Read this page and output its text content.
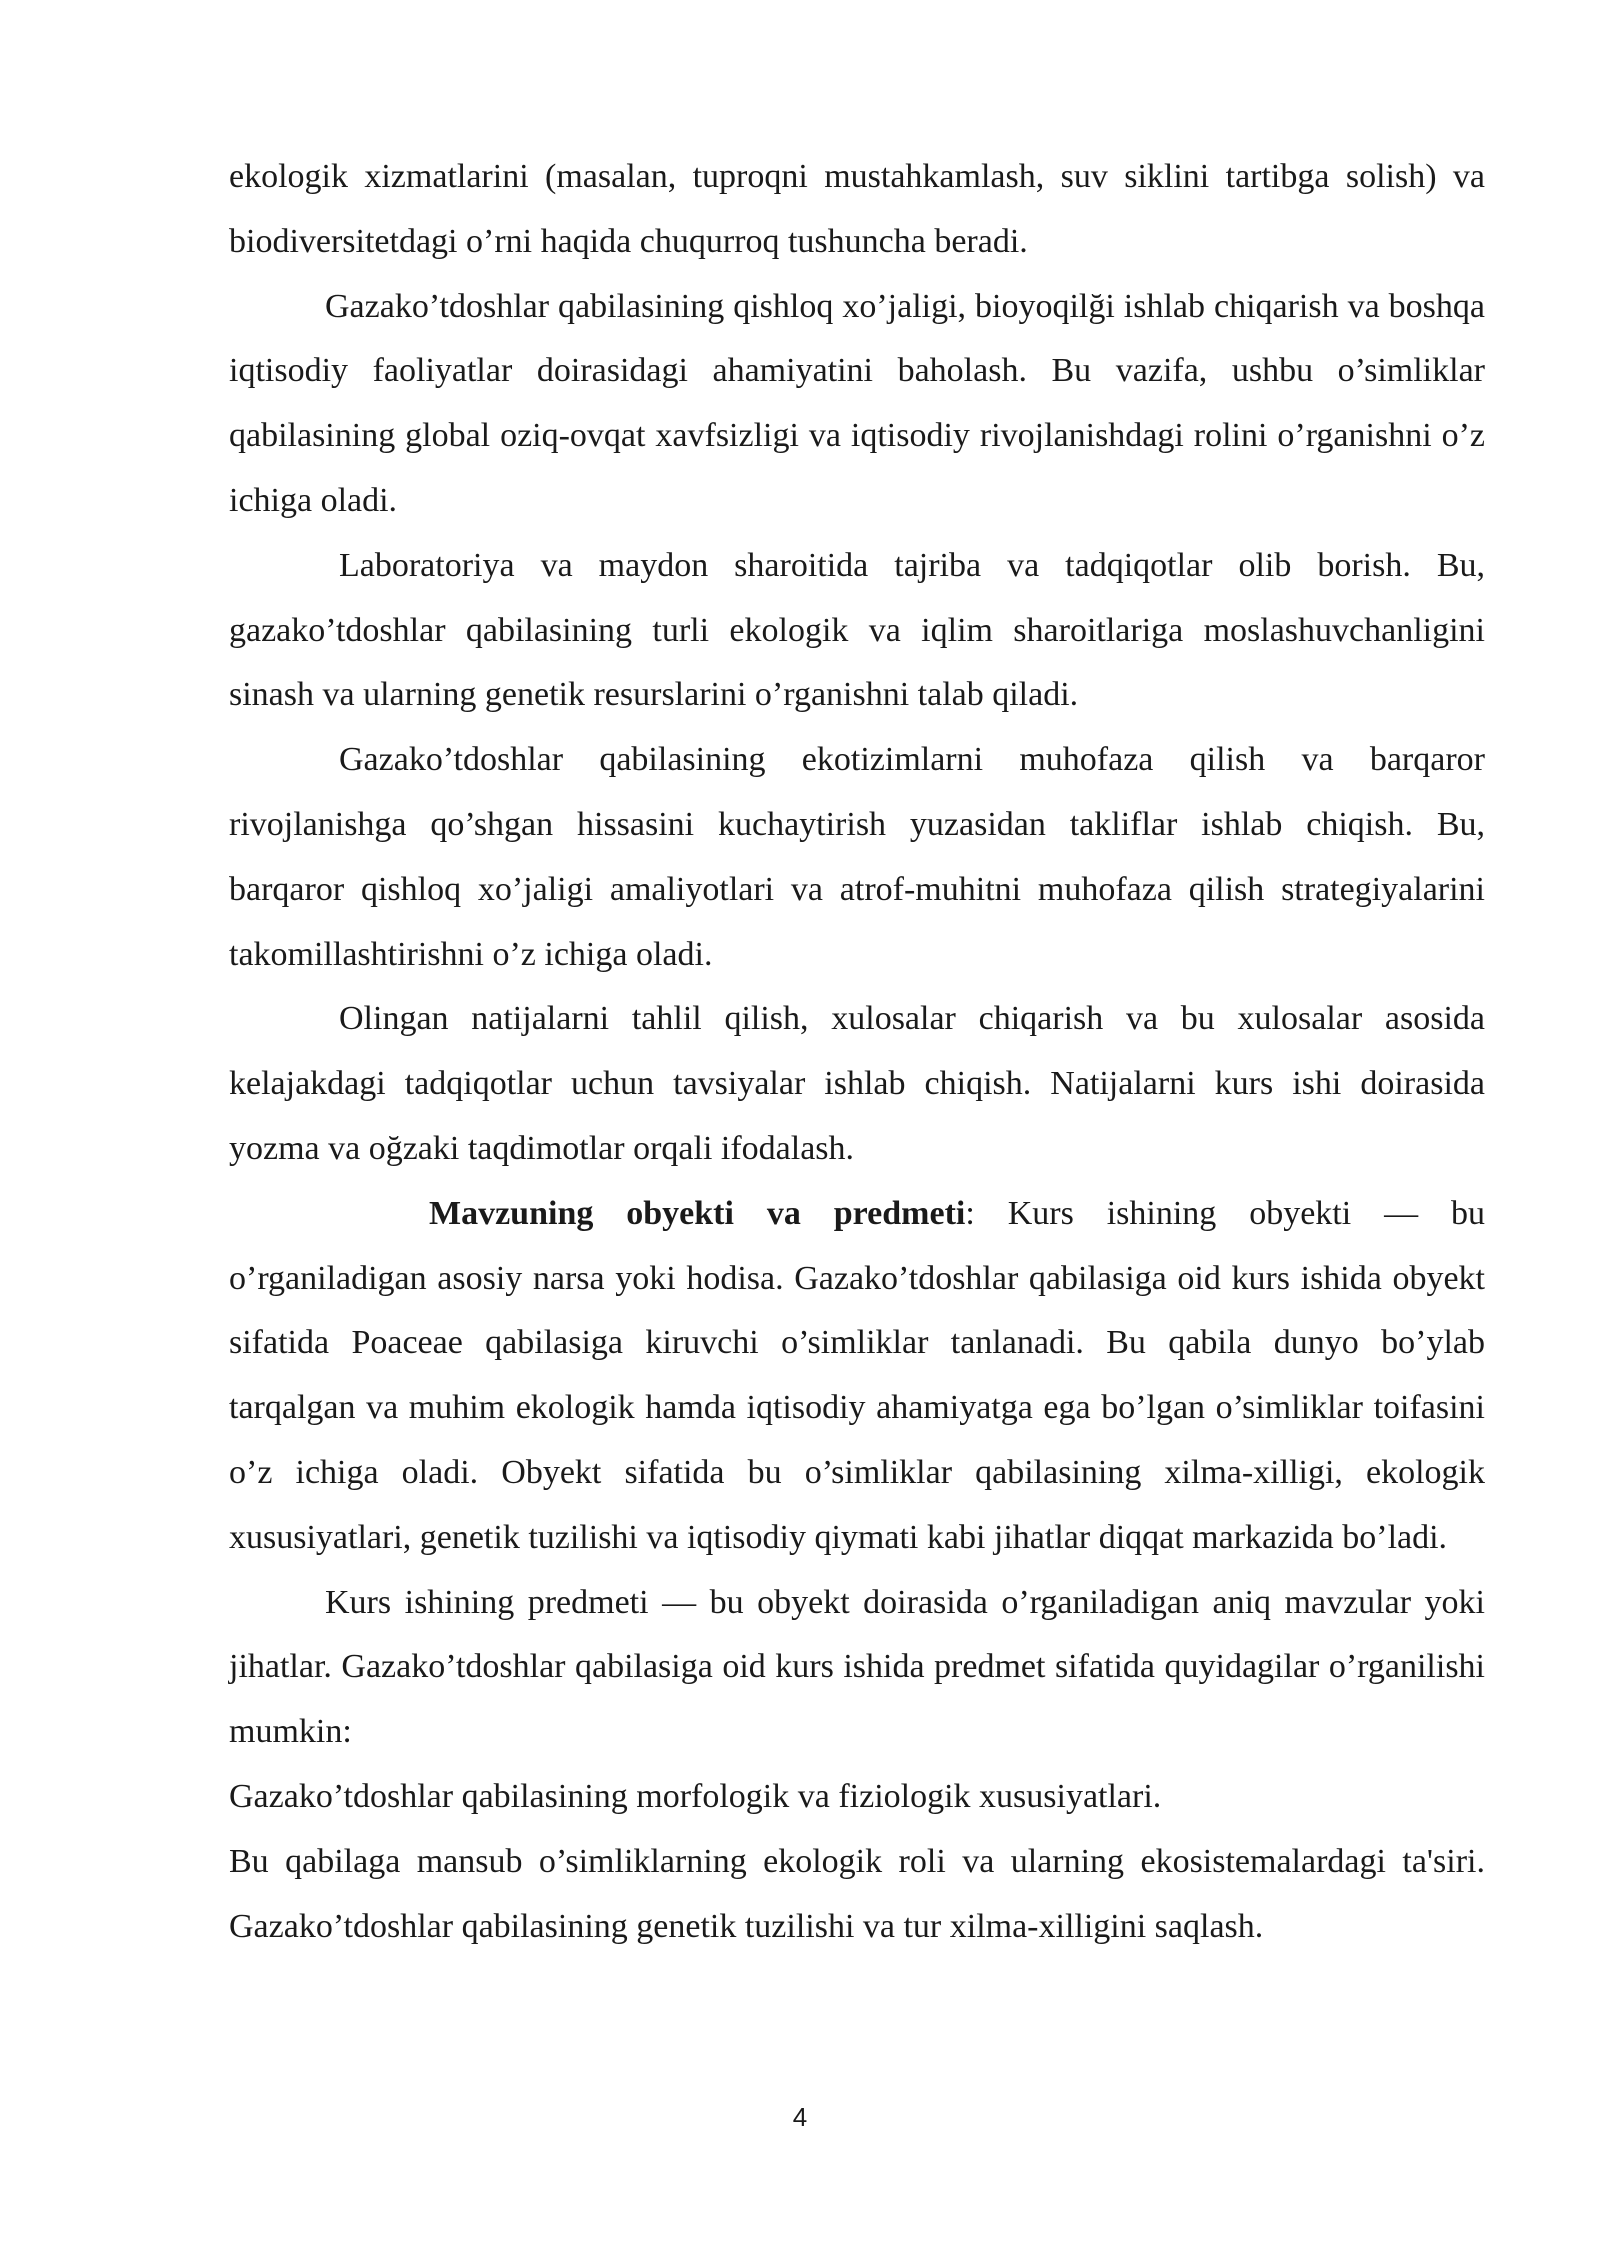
ekologik xizmatlarini (masalan, tuproqni mustahkamlash, suv siklini tartibga solish) va biodiversitetdagi o’rni haqida chuqurroq tushuncha beradi.

Gazako’tdoshlar qabilasining qishloq xo’jaligi, bioyoqilği ishlab chiqarish va boshqa iqtisodiy faoliyatlar doirasidagi ahamiyatini baholash. Bu vazifa, ushbu o’simliklar qabilasining global oziq-ovqat xavfsizligi va iqtisodiy rivojlanishdagi rolini o’rganishni o’z ichiga oladi.

Laboratoriya va maydon sharoitida tajriba va tadqiqotlar olib borish. Bu, gazako’tdoshlar qabilasining turli ekologik va iqlim sharoitlariga moslashuvchanligini sinash va ularning genetik resurslarini o’rganishni talab qiladi.

Gazako’tdoshlar qabilasining ekotizimlarni muhofaza qilish va barqaror rivojlanishga qo’shgan hissasini kuchaytirish yuzasidan takliflar ishlab chiqish. Bu, barqaror qishloq xo’jaligi amaliyotlari va atrof-muhitni muhofaza qilish strategiyalarini takomillashtirishni o’z ichiga oladi.

Olingan natijalarni tahlil qilish, xulosalar chiqarish va bu xulosalar asosida kelajakdagi tadqiqotlar uchun tavsiyalar ishlab chiqish. Natijalarni kurs ishi doirasida yozma va oğzaki taqdimotlar orqali ifodalash.

Mavzuning obyekti va predmeti: Kurs ishining obyekti — bu o’rganiladigan asosiy narsa yoki hodisa. Gazako’tdoshlar qabilasiga oid kurs ishida obyekt sifatida Poaceae qabilasiga kiruvchi o’simliklar tanlanadi. Bu qabila dunyo bo’ylab tarqalgan va muhim ekologik hamda iqtisodiy ahamiyatga ega bo’lgan o’simliklar toifasini o’z ichiga oladi. Obyekt sifatida bu o’simliklar qabilasining xilma-xilligi, ekologik xususiyatlari, genetik tuzilishi va iqtisodiy qiymati kabi jihatlar diqqat markazida bo’ladi.

Kurs ishining predmeti — bu obyekt doirasida o’rganiladigan aniq mavzular yoki jihatlar. Gazako’tdoshlar qabilasiga oid kurs ishida predmet sifatida quyidagilar o’rganilishi mumkin:

Gazako’tdoshlar qabilasining morfologik va fiziologik xususiyatlari.

Bu qabilaga mansub o’simliklarning ekologik roli va ularning ekosistemalardagi ta'siri. Gazako’tdoshlar qabilasining genetik tuzilishi va tur xilma-xilligini saqlash.

4
